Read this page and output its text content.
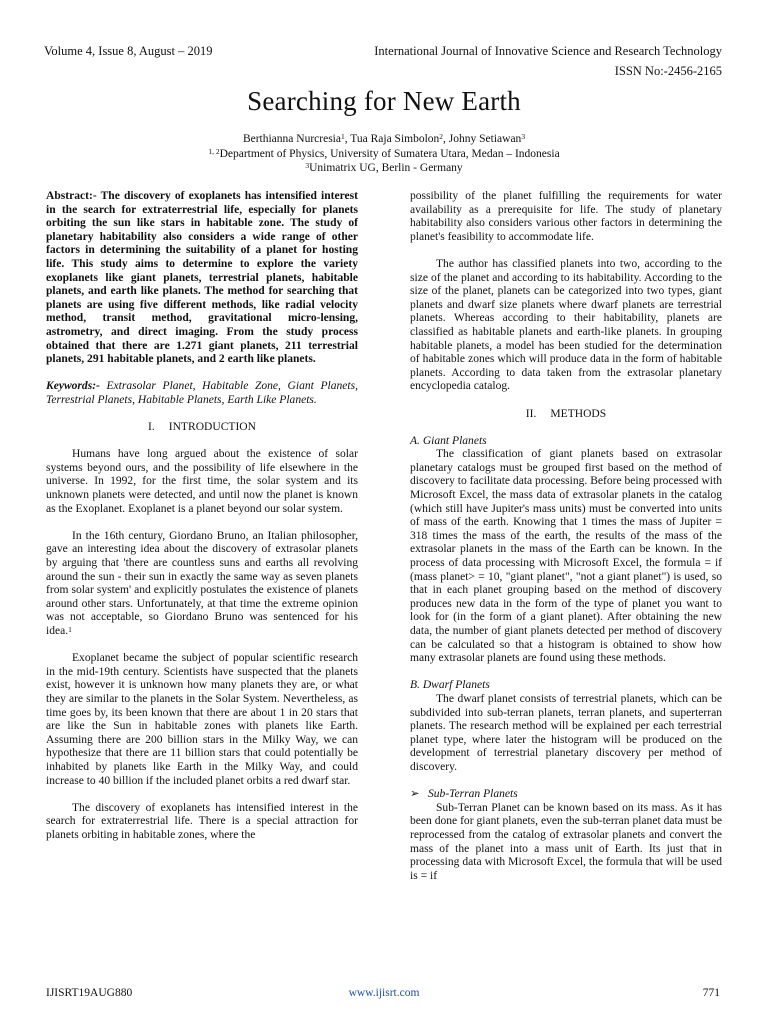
Volume 4, Issue 8, August – 2019	International Journal of Innovative Science and Research Technology
ISSN No:-2456-2165
Searching for New Earth
Berthianna Nurcresia$^1$, Tua Raja Simbolon$^2$, Johny Setiawan$^3$
$^{1, 2}$Department of Physics, University of Sumatera Utara, Medan – Indonesia
$^3$Unimatrix UG, Berlin - Germany

Abstract:- The discovery of exoplanets has intensified interest in the search for extraterrestrial life, especially for planets orbiting the sun like stars in habitable zone. The study of planetary habitability also considers a wide range of other factors in determining the suitability of a planet for hosting life. This study aims to determine to explore the variety exoplanets like giant planets, terrestrial planets, habitable planets, and earth like planets. The method for searching that planets are using five different methods, like radial velocity method, transit method, gravitational micro-lensing, astrometry, and direct imaging. From the study process obtained that there are 1.271 giant planets, 211 terrestrial planets, 291 habitable planets, and 2 earth like planets.

Keywords:- Extrasolar Planet, Habitable Zone, Giant Planets, Terrestrial Planets, Habitable Planets, Earth Like Planets.

I. INTRODUCTION

Humans have long argued about the existence of solar systems beyond ours, and the possibility of life elsewhere in the universe. In 1992, for the first time, the solar system and its unknown planets were detected, and until now the planet is known as the Exoplanet. Exoplanet is a planet beyond our solar system.

In the 16th century, Giordano Bruno, an Italian philosopher, gave an interesting idea about the discovery of extrasolar planets by arguing that 'there are countless suns and earths all revolving around the sun - their sun in exactly the same way as seven planets from solar system' and explicitly postulates the existence of planets around other stars. Unfortunately, at that time the extreme opinion was not acceptable, so Giordano Bruno was sentenced for his idea.$^1$

Exoplanet became the subject of popular scientific research in the mid-19th century. Scientists have suspected that the planets exist, however it is unknown how many planets they are, or what they are similar to the planets in the Solar System. Nevertheless, as time goes by, its been known that there are about 1 in 20 stars that are like the Sun in habitable zones with planets like Earth. Assuming there are 200 billion stars in the Milky Way, we can hypothesize that there are 11 billion stars that could potentially be inhabited by planets like Earth in the Milky Way, and could increase to 40 billion if the included planet orbits a red dwarf star.

The discovery of exoplanets has intensified interest in the search for extraterrestrial life. There is a special attraction for planets orbiting in habitable zones, where the

possibility of the planet fulfilling the requirements for water availability as a prerequisite for life. The study of planetary habitability also considers various other factors in determining the planet's feasibility to accommodate life.

The author has classified planets into two, according to the size of the planet and according to its habitability. According to the size of the planet, planets can be categorized into two types, giant planets and dwarf size planets where dwarf planets are terrestrial planets. Whereas according to their habitability, planets are classified as habitable planets and earth-like planets. In grouping habitable planets, a model has been studied for the determination of habitable zones which will produce data in the form of habitable planets. According to data taken from the extrasolar planetary encyclopedia catalog.

II. METHODS

A. Giant Planets

The classification of giant planets based on extrasolar planetary catalogs must be grouped first based on the method of discovery to facilitate data processing. Before being processed with Microsoft Excel, the mass data of extrasolar planets in the catalog (which still have Jupiter's mass units) must be converted into units of mass of the earth. Knowing that 1 times the mass of Jupiter = 318 times the mass of the earth, the results of the mass of the extrasolar planets in the mass of the Earth can be known. In the process of data processing with Microsoft Excel, the formula = if (mass planet> = 10, "giant planet", "not a giant planet") is used, so that in each planet grouping based on the method of discovery produces new data in the form of the type of planet you want to look for (in the form of a giant planet). After obtaining the new data, the number of giant planets detected per method of discovery can be calculated so that a histogram is obtained to show how many extrasolar planets are found using these methods.

B. Dwarf Planets

The dwarf planet consists of terrestrial planets, which can be subdivided into sub-terran planets, terran planets, and superterran planets. The research method will be explained per each terrestrial planet type, where later the histogram will be produced on the development of terrestrial planetary discovery per method of discovery.

➢ Sub-Terran Planets

Sub-Terran Planet can be known based on its mass. As it has been done for giant planets, even the sub-terran planet data must be reprocessed from the catalog of extrasolar planets and convert the mass of the planet into a mass unit of Earth. Its just that in processing data with Microsoft Excel, the formula that will be used is = if

IJISRT19AUG880	www.ijisrt.com	771
